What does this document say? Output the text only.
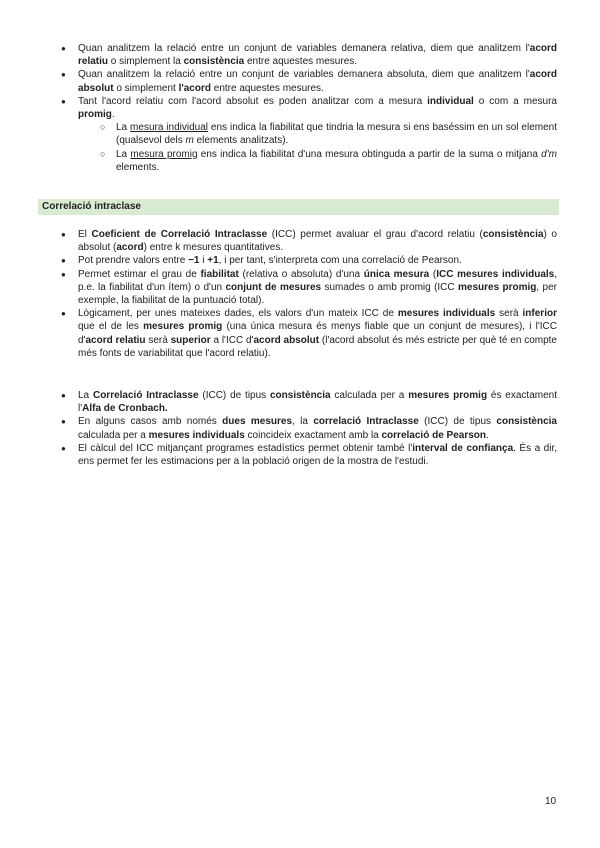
● Quan analitzem la relació entre un conjunt de variables demanera relativa, diem que analitzem l'acord relatiu o simplement la consistència entre aquestes mesures.
● Quan analitzem la relació entre un conjunt de variables demanera absoluta, diem que analitzem l'acord absolut o simplement l'acord entre aquestes mesures.
● Tant l'acord relatiu com l'acord absolut es poden analitzar com a mesura individual o com a mesura promig.
○ La mesura individual ens indica la fiabilitat que tindria la mesura si ens baséssim en un sol element (qualsevol dels m elements analitzats).
○ La mesura promig ens indica la fiabilitat d'una mesura obtinguda a partir de la suma o mitjana d'm elements.
Correlació intraclase
● El Coeficient de Correlació Intraclasse (ICC) permet avaluar el grau d'acord relatiu (consistència) o absolut (acord) entre k mesures quantitatives.
● Pot prendre valors entre −1 i +1, i per tant, s'interpreta com una correlació de Pearson.
● Permet estimar el grau de fiabilitat (relativa o absoluta) d'una única mesura (ICC mesures individuals, p.e. la fiabilitat d'un ítem) o d'un conjunt de mesures sumades o amb promig (ICC mesures promig, per exemple, la fiabilitat de la puntuació total).
● Lògicament, per unes mateixes dades, els valors d'un mateix ICC de mesures individuals serà inferior que el de les mesures promig (una única mesura és menys fiable que un conjunt de mesures), i l'ICC d'acord relatiu serà superior a l'ICC d'acord absolut (l'acord absolut és més estricte per què té en compte més fonts de variabilitat que l'acord relatiu).
● La Correlació Intraclasse (ICC) de tipus consistència calculada per a mesures promig és exactament l'Alfa de Cronbach.
● En alguns casos amb només dues mesures, la correlació Intraclasse (ICC) de tipus consistència calculada per a mesures individuals coincideix exactament amb la correlació de Pearson.
● El càlcul del ICC mitjançant programes estadístics permet obtenir també l'interval de confiança. És a dir, ens permet fer les estimacions per a la població origen de la mostra de l'estudi.
10
